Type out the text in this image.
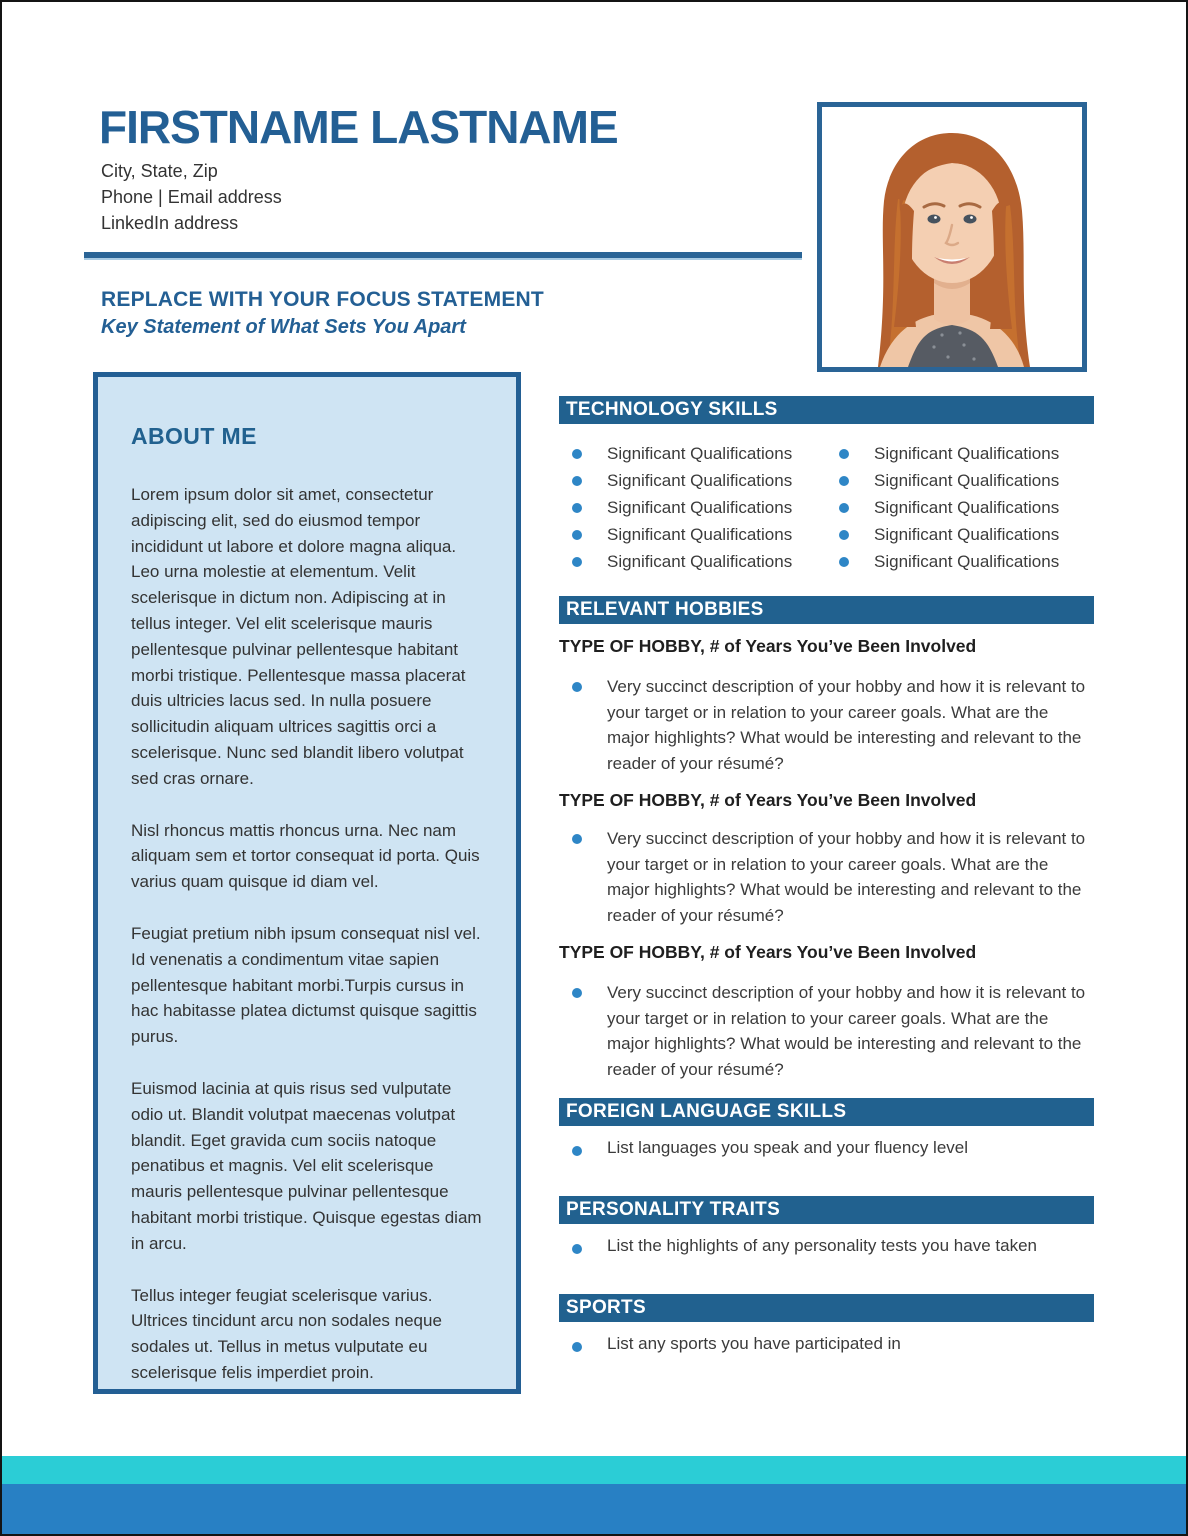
FIRSTNAME LASTNAME
City, State, Zip
Phone | Email address
LinkedIn address
REPLACE WITH YOUR FOCUS STATEMENT
Key Statement of What Sets You Apart
ABOUT ME

Lorem ipsum dolor sit amet, consectetur adipiscing elit, sed do eiusmod tempor incididunt ut labore et dolore magna aliqua. Leo urna molestie at elementum. Velit scelerisque in dictum non. Adipiscing at in tellus integer. Vel elit scelerisque mauris pellentesque pulvinar pellentesque habitant morbi tristique. Pellentesque massa placerat duis ultricies lacus sed. In nulla posuere sollicitudin aliquam ultrices sagittis orci a scelerisque. Nunc sed blandit libero volutpat sed cras ornare.

Nisl rhoncus mattis rhoncus urna. Nec nam aliquam sem et tortor consequat id porta. Quis varius quam quisque id diam vel.

Feugiat pretium nibh ipsum consequat nisl vel. Id venenatis a condimentum vitae sapien pellentesque habitant morbi.Turpis cursus in hac habitasse platea dictumst quisque sagittis purus.

Euismod lacinia at quis risus sed vulputate odio ut. Blandit volutpat maecenas volutpat blandit. Eget gravida cum sociis natoque penatibus et magnis. Vel elit scelerisque mauris pellentesque pulvinar pellentesque habitant morbi tristique. Quisque egestas diam in arcu.

Tellus integer feugiat scelerisque varius. Ultrices tincidunt arcu non sodales neque sodales ut. Tellus in metus vulputate eu scelerisque felis imperdiet proin.

TECHNOLOGY SKILLS
Significant Qualifications
Significant Qualifications
Significant Qualifications
Significant Qualifications
Significant Qualifications
Significant Qualifications
Significant Qualifications
Significant Qualifications
Significant Qualifications
Significant Qualifications
RELEVANT HOBBIES
TYPE OF HOBBY, # of Years You’ve Been Involved
Very succinct description of your hobby and how it is relevant to your target or in relation to your career goals. What are the major highlights? What would be interesting and relevant to the reader of your résumé?
TYPE OF HOBBY, # of Years You’ve Been Involved
Very succinct description of your hobby and how it is relevant to your target or in relation to your career goals. What are the major highlights? What would be interesting and relevant to the reader of your résumé?
TYPE OF HOBBY, # of Years You’ve Been Involved
Very succinct description of your hobby and how it is relevant to your target or in relation to your career goals. What are the major highlights? What would be interesting and relevant to the reader of your résumé?
FOREIGN LANGUAGE SKILLS
List languages you speak and your fluency level
PERSONALITY TRAITS
List the highlights of any personality tests you have taken
SPORTS
List any sports you have participated in
